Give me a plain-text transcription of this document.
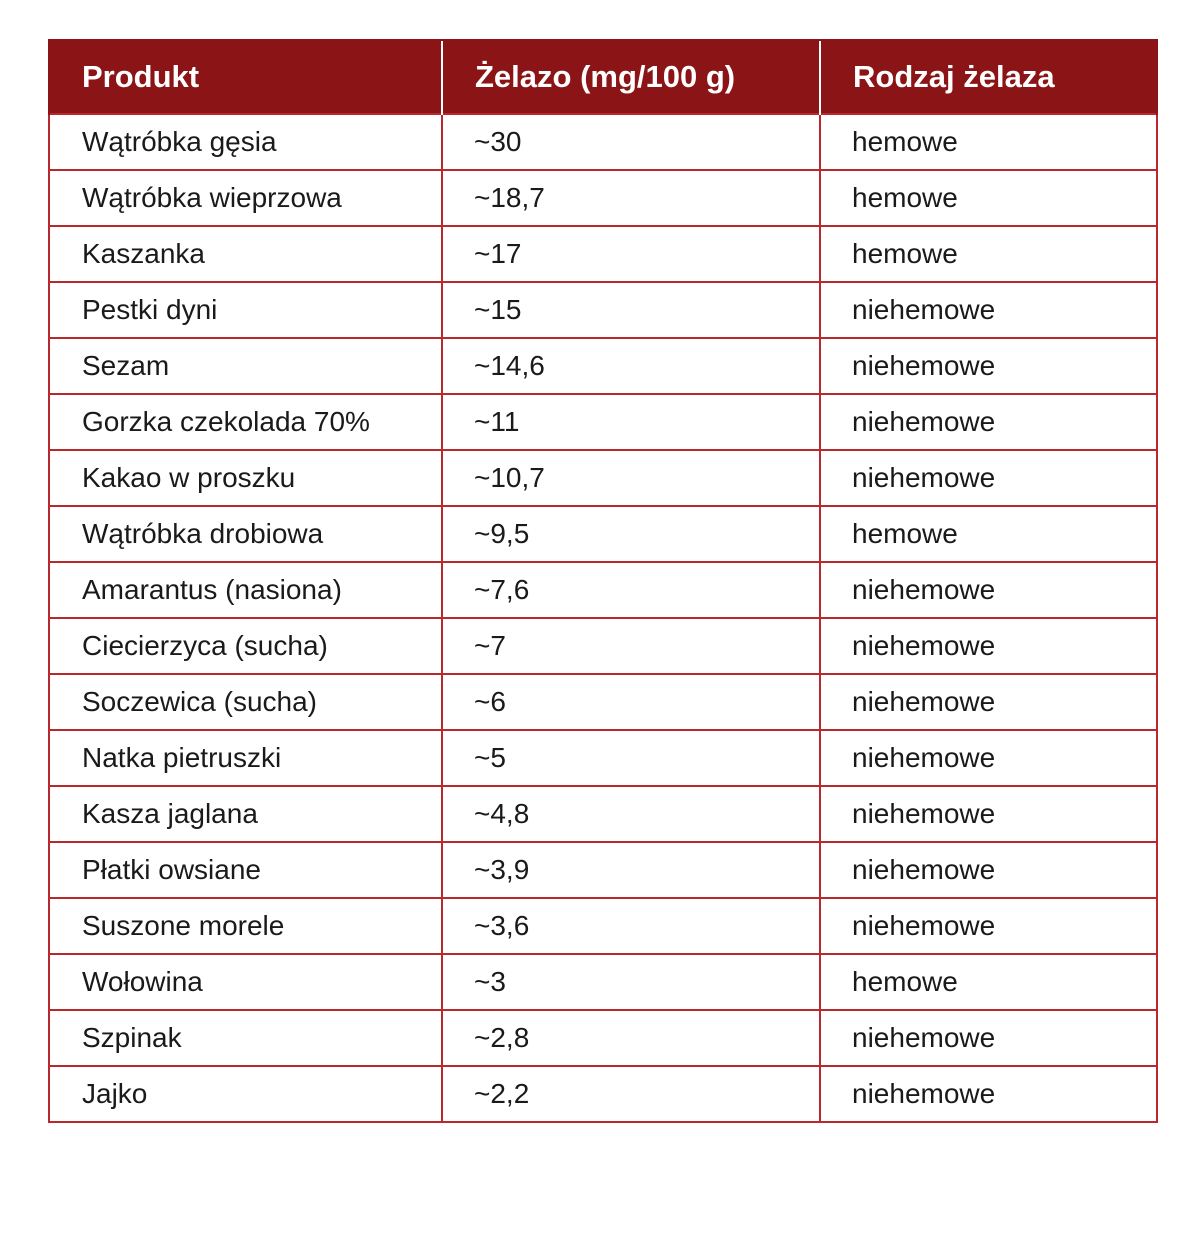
Produkt	Żelazo (mg/100 g)	Rodzaj żelaza
Wątróbka gęsia	~30	hemowe
Wątróbka wieprzowa	~18,7	hemowe
Kaszanka	~17	hemowe
Pestki dyni	~15	niehemowe
Sezam	~14,6	niehemowe
Gorzka czekolada 70%	~11	niehemowe
Kakao w proszku	~10,7	niehemowe
Wątróbka drobiowa	~9,5	hemowe
Amarantus (nasiona)	~7,6	niehemowe
Ciecierzyca (sucha)	~7	niehemowe
Soczewica (sucha)	~6	niehemowe
Natka pietruszki	~5	niehemowe
Kasza jaglana	~4,8	niehemowe
Płatki owsiane	~3,9	niehemowe
Suszone morele	~3,6	niehemowe
Wołowina	~3	hemowe
Szpinak	~2,8	niehemowe
Jajko	~2,2	niehemowe
